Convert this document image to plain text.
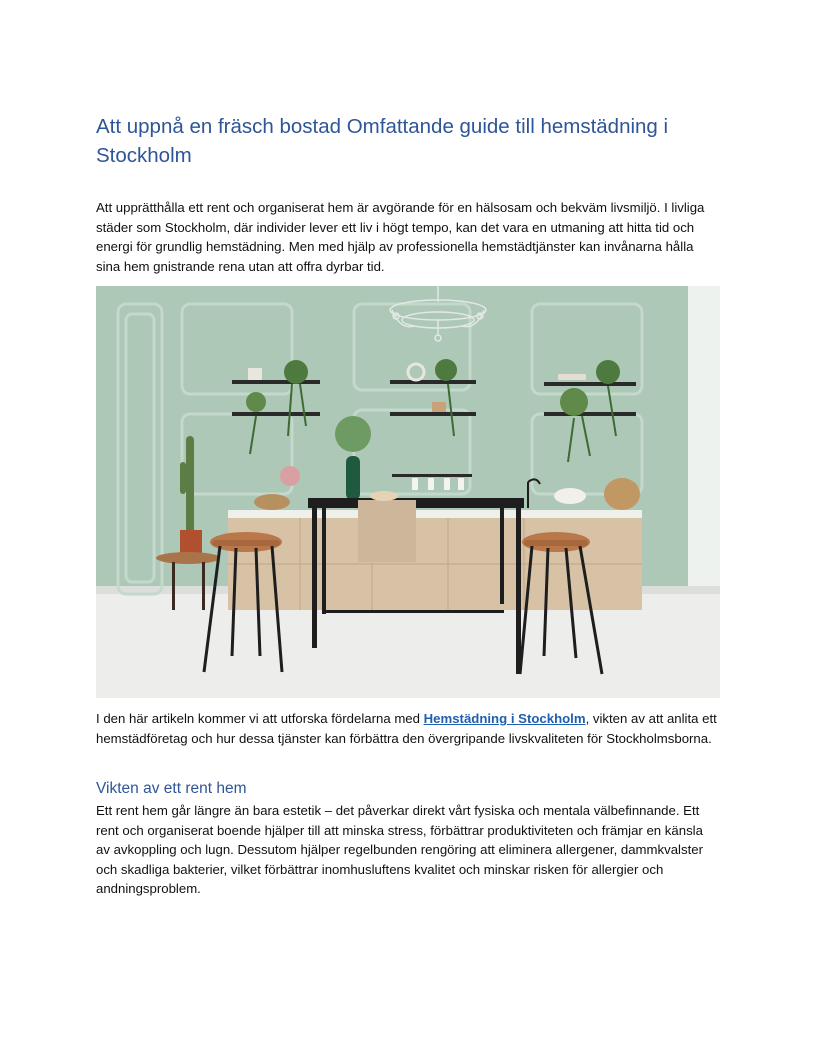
Att uppnå en fräsch bostad Omfattande guide till hemstädning i Stockholm

Att upprätthålla ett rent och organiserat hem är avgörande för en hälsosam och bekväm livsmiljö. I livliga städer som Stockholm, där individer lever ett liv i högt tempo, kan det vara en utmaning att hitta tid och energi för grundlig hemstädning. Men med hjälp av professionella hemstädtjänster kan invånarna hålla sina hem gnistrande rena utan att offra dyrbar tid.

I den här artikeln kommer vi att utforska fördelarna med Hemstädning i Stockholm, vikten av att anlita ett hemstädföretag och hur dessa tjänster kan förbättra den övergripande livskvaliteten för Stockholmsborna.

Vikten av ett rent hem

Ett rent hem går längre än bara estetik – det påverkar direkt vårt fysiska och mentala välbefinnande. Ett rent och organiserat boende hjälper till att minska stress, förbättrar produktiviteten och främjar en känsla av avkoppling och lugn. Dessutom hjälper regelbunden rengöring att eliminera allergener, dammkvalster och skadliga bakterier, vilket förbättrar inomhusluftens kvalitet och minskar risken för allergier och andningsproblem.
